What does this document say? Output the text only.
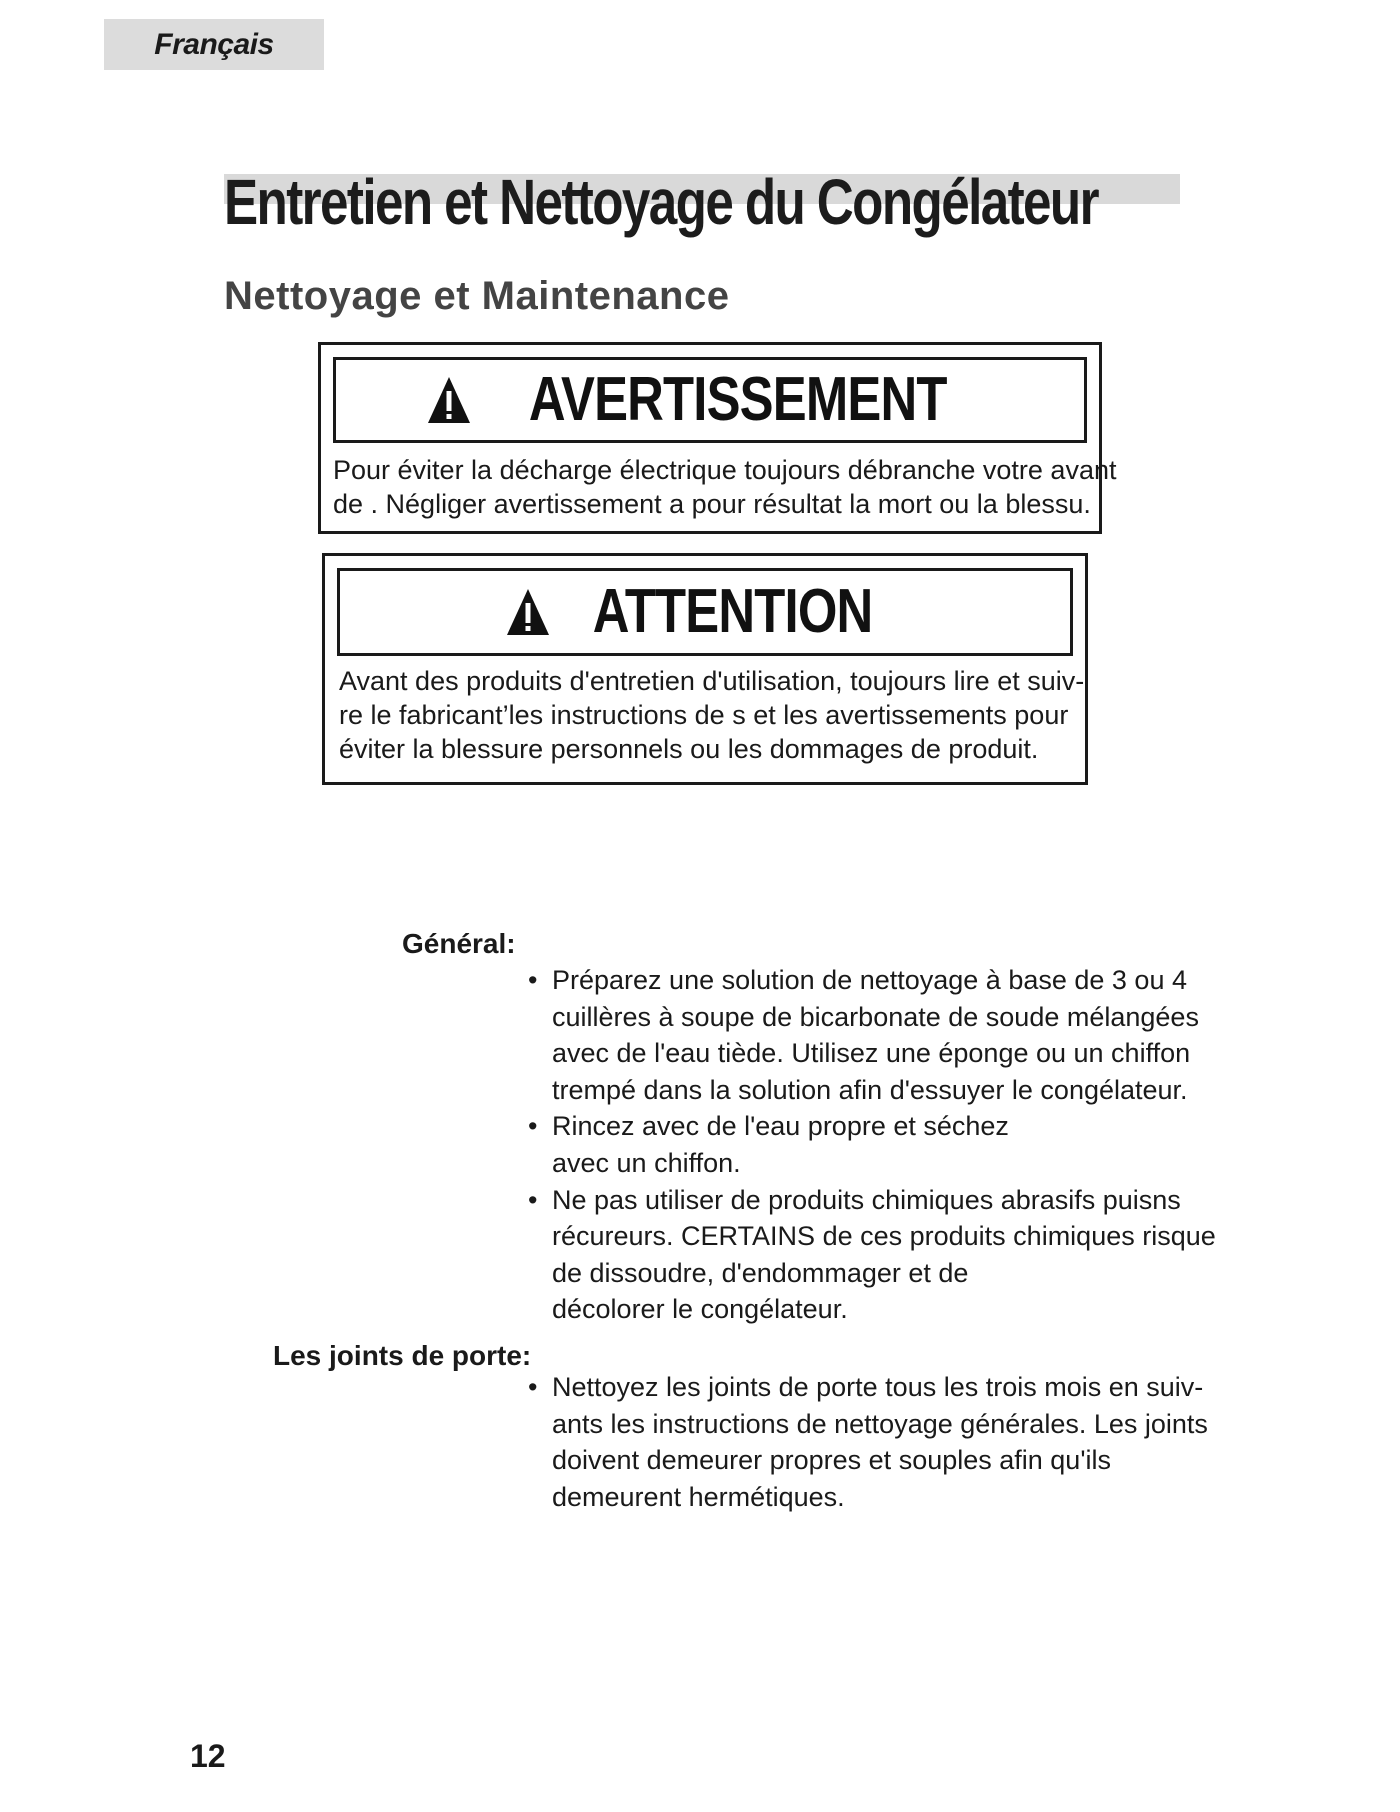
Français
Entretien et Nettoyage du Congélateur
Nettoyage et Maintenance
AVERTISSEMENT
Pour éviter la décharge électrique toujours débranche votre avant
de . Négliger avertissement a pour résultat la mort ou la blessu.
ATTENTION
Avant des produits d'entretien d'utilisation, toujours lire et suiv-
re le fabricant’les instructions de s et les avertissements pour
éviter la blessure personnels ou les dommages de produit.
Général:
• Préparez une solution de nettoyage à base de 3 ou 4
cuillères à soupe de bicarbonate de soude mélangées
avec de l'eau tiède. Utilisez une éponge ou un chiffon
trempé dans la solution afin d'essuyer le congélateur.
• Rincez avec de l'eau propre et séchez
avec un chiffon.
• Ne pas utiliser de produits chimiques abrasifs puisns
récureurs. CERTAINS de ces produits chimiques risque
de dissoudre, d'endommager et de
décolorer le congélateur.
Les joints de porte:
• Nettoyez les joints de porte tous les trois mois en suiv-
ants les instructions de nettoyage générales. Les joints
doivent demeurer propres et souples afin qu'ils
demeurent hermétiques.
12
